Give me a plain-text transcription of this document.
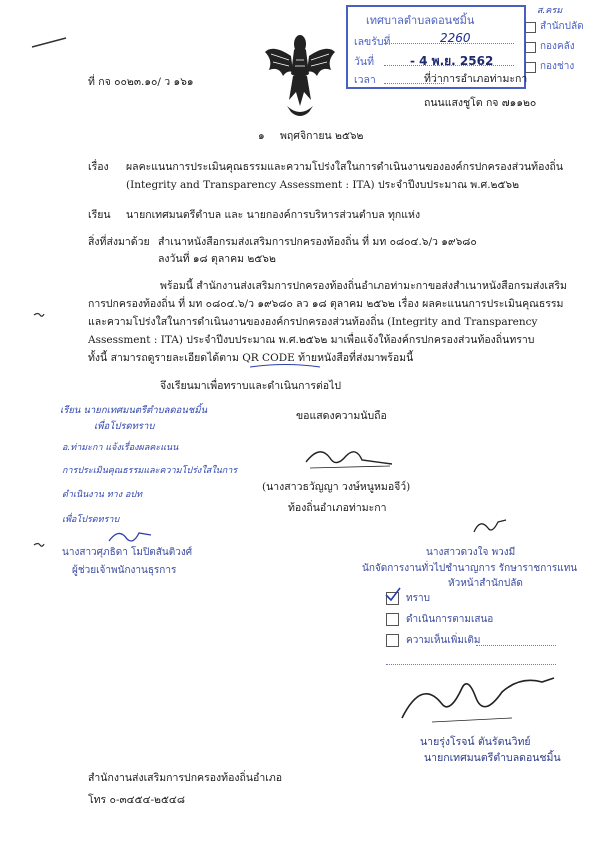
เทศบาลตำบลดอนชมิ้น
เลขรับที่	2260
วันที่	- 4 พ.ย. 2562
เวลา
ส.ครม
สำนักปลัด
กองคลัง
กองช่าง
ที่ กจ ๐๐๒๓.๑๐/ ว ๑๖๑	ที่ว่าการอำเภอท่ามะกา
ถนนแสงชูโต กจ ๗๑๑๒๐
๑ พฤศจิกายน ๒๕๖๒
เรื่อง ผลคะแนนการประเมินคุณธรรมและความโปร่งใสในการดำเนินงานขององค์กรปกครองส่วนท้องถิ่น
(Integrity and Transparency Assessment : ITA) ประจำปีงบประมาณ พ.ศ.๒๕๖๒
เรียน นายกเทศมนตรีตำบล และ นายกองค์การบริหารส่วนตำบล ทุกแห่ง
สิ่งที่ส่งมาด้วย สำเนาหนังสือกรมส่งเสริมการปกครองท้องถิ่น ที่ มท ๐๘๐๔.๖/ว ๑๙๖๘๐
ลงวันที่ ๑๘ ตุลาคม ๒๕๖๒
พร้อมนี้ สำนักงานส่งเสริมการปกครองท้องถิ่นอำเภอท่ามะกาขอส่งสำเนาหนังสือกรมส่งเสริม
การปกครองท้องถิ่น ที่ มท ๐๘๐๔.๖/ว ๑๙๖๘๐ ลว ๑๘ ตุลาคม ๒๕๖๒ เรื่อง ผลคะแนนการประเมินคุณธรรม
และความโปร่งใสในการดำเนินงานขององค์กรปกครองส่วนท้องถิ่น (Integrity and Transparency
Assessment : ITA) ประจำปีงบประมาณ พ.ศ.๒๕๖๒ มาเพื่อแจ้งให้องค์กรปกครองส่วนท้องถิ่นทราบ
ทั้งนี้ สามารถดูรายละเอียดได้ตาม QR CODE ท้ายหนังสือที่ส่งมาพร้อมนี้
จึงเรียนมาเพื่อทราบและดำเนินการต่อไป
ขอแสดงความนับถือ
(นางสาวธวัญญา วงษ์หนูหมอจีว์)
ท้องถิ่นอำเภอท่ามะกา
เรียน นายกเทศมนตรีตำบลดอนชมิ้น
เพื่อโปรดทราบ
อ.ท่ามะกา แจ้งเรื่องผลคะแนน
การประเมินคุณธรรมและความโปร่งใสในการ
ดำเนินงาน ทาง อปท
เพื่อโปรดทราบ
นางสาวศุภธิดา โมปิตสันติวงศ์
ผู้ช่วยเจ้าพนักงานธุรการ
นางสาวดวงใจ พวงมี
นักจัดการงานทั่วไปชำนาญการ รักษาราชการแทน
หัวหน้าสำนักปลัด
ทราบ
ดำเนินการตามเสนอ
ความเห็นเพิ่มเติม
นายรุ่งโรจน์ ตันรัตนวิทย์
นายกเทศมนตรีตำบลดอนชมิ้น
สำนักงานส่งเสริมการปกครองท้องถิ่นอำเภอ
โทร ๐-๓๔๕๔-๒๕๔๘
